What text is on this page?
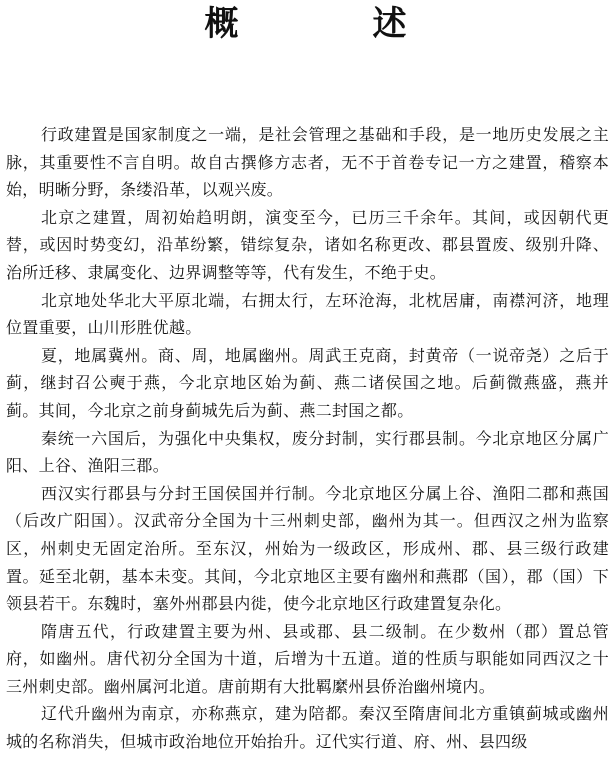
概　述

行政建置是国家制度之一端，是社会管理之基础和手段，是一地历史发展之主脉，其重要性不言自明。故自古撰修方志者，无不于首卷专记一方之建置，稽察本始，明晰分野，条缕沿革，以观兴废。

北京之建置，周初始趋明朗，演变至今，已历三千余年。其间，或因朝代更替，或因时势变幻，沿革纷繁，错综复杂，诸如名称更改、郡县置废、级别升降、治所迁移、隶属变化、边界调整等等，代有发生，不绝于史。

北京地处华北大平原北端，右拥太行，左环沧海，北枕居庸，南襟河济，地理位置重要，山川形胜优越。

夏，地属冀州。商、周，地属幽州。周武王克商，封黄帝（一说帝尧）之后于蓟，继封召公奭于燕，今北京地区始为蓟、燕二诸侯国之地。后蓟微燕盛，燕并蓟。其间，今北京之前身蓟城先后为蓟、燕二封国之都。

秦统一六国后，为强化中央集权，废分封制，实行郡县制。今北京地区分属广阳、上谷、渔阳三郡。

西汉实行郡县与分封王国侯国并行制。今北京地区分属上谷、渔阳二郡和燕国（后改广阳国）。汉武帝分全国为十三州刺史部，幽州为其一。但西汉之州为监察区，州刺史无固定治所。至东汉，州始为一级政区，形成州、郡、县三级行政建置。延至北朝，基本未变。其间，今北京地区主要有幽州和燕郡（国），郡（国）下领县若干。东魏时，塞外州郡县内徙，使今北京地区行政建置复杂化。

隋唐五代，行政建置主要为州、县或郡、县二级制。在少数州（郡）置总管府，如幽州。唐代初分全国为十道，后增为十五道。道的性质与职能如同西汉之十三州刺史部。幽州属河北道。唐前期有大批羁縻州县侨治幽州境内。

辽代升幽州为南京，亦称燕京，建为陪都。秦汉至隋唐间北方重镇蓟城或幽州城的名称消失，但城市政治地位开始抬升。辽代实行道、府、州、县四级
